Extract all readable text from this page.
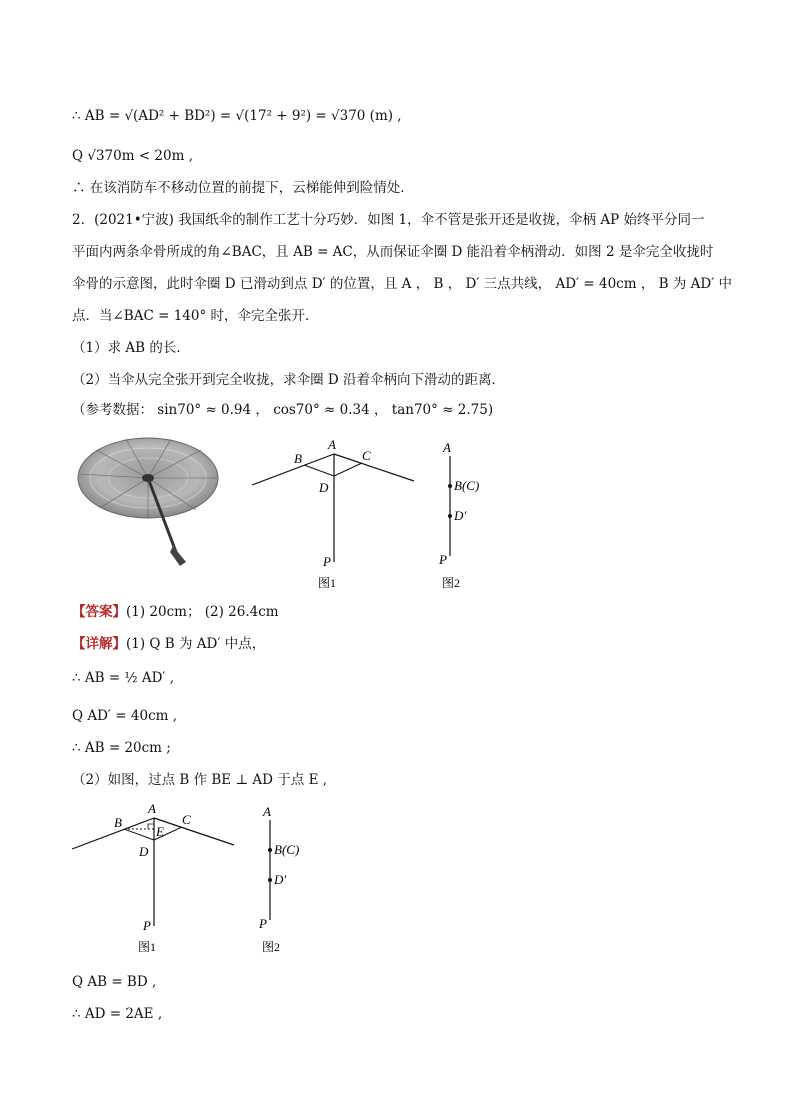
∴ AB = √(AD² + BD²) = √(17² + 9²) = √370 (m) ,
Q √370m < 20m ,
∴ 在该消防车不移动位置的前提下，云梯能伸到险情处．
2．(2021•宁波) 我国纸伞的制作工艺十分巧妙．如图 1，伞不管是张开还是收拢，伞柄 AP 始终平分同一
平面内两条伞骨所成的角∠BAC，且 AB = AC，从而保证伞圈 D 能沿着伞柄滑动．如图 2 是伞完全收拢时
伞骨的示意图，此时伞圈 D 已滑动到点 D′ 的位置，且 A ， B ， D′ 三点共线， AD′ = 40cm ， B 为 AD′ 中
点．当∠BAC = 140° 时，伞完全张开．
（1）求 AB 的长．
（2）当伞从完全张开到完全收拢，求伞圈 D 沿着伞柄向下滑动的距离．
（参考数据： sin70° ≈ 0.94 ， cos70° ≈ 0.34 ， tan70° ≈ 2.75)
A
B	C
D
P
图1
A
B(C)
D′
P
图2
【答案】(1) 20cm； (2) 26.4cm
【详解】(1) Q B 为 AD′ 中点，
∴ AB = ½ AD′ ,
Q AD′ = 40cm ,
∴ AB = 20cm ;
（2）如图，过点 B 作 BE ⊥ AD 于点 E ,
A
B	C
E
D
P
图1
A
B(C)
D′
P
图2
Q AB = BD ,
∴ AD = 2AE ,
